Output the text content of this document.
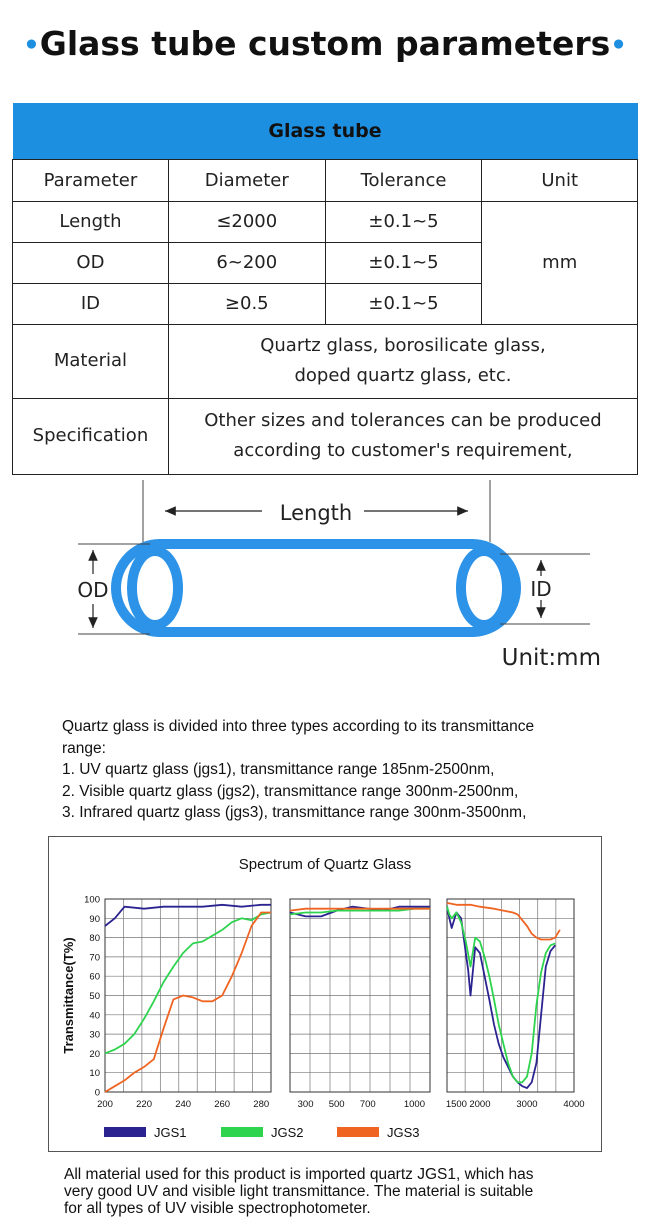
•Glass tube custom parameters•
Glass tube			
Parameter	Diameter	Tolerance	Unit
Length	≤2000	±0.1~5	mm
OD	6~200	±0.1~5	
ID	≥0.5	±0.1~5	
Material	Quartz glass, borosilicate glass,
doped quartz glass, etc.		

Specification	Other sizes and tolerances can be produced
according to customer's requirement,		
Length
OD	ID
Unit:mm
Quartz glass is divided into three types according to its transmittance
range:
1. UV quartz glass (jgs1), transmittance range 185nm-2500nm,
2. Visible quartz glass (jgs2), transmittance range 300nm-2500nm,
3. Infrared quartz glass (jgs3), transmittance range 300nm-3500nm,
Spectrum of Quartz Glass
Transmittance(T%)
0
10
20
30
40
50
60
70
80
90
100
200 220 240 260 280	300 500 700	1000 1500 2000	3000	4000
JGS1	JGS2	JGS3
All material used for this product is imported quartz JGS1, which has
very good UV and visible light transmittance. The material is suitable
for all types of UV visible spectrophotometer.
